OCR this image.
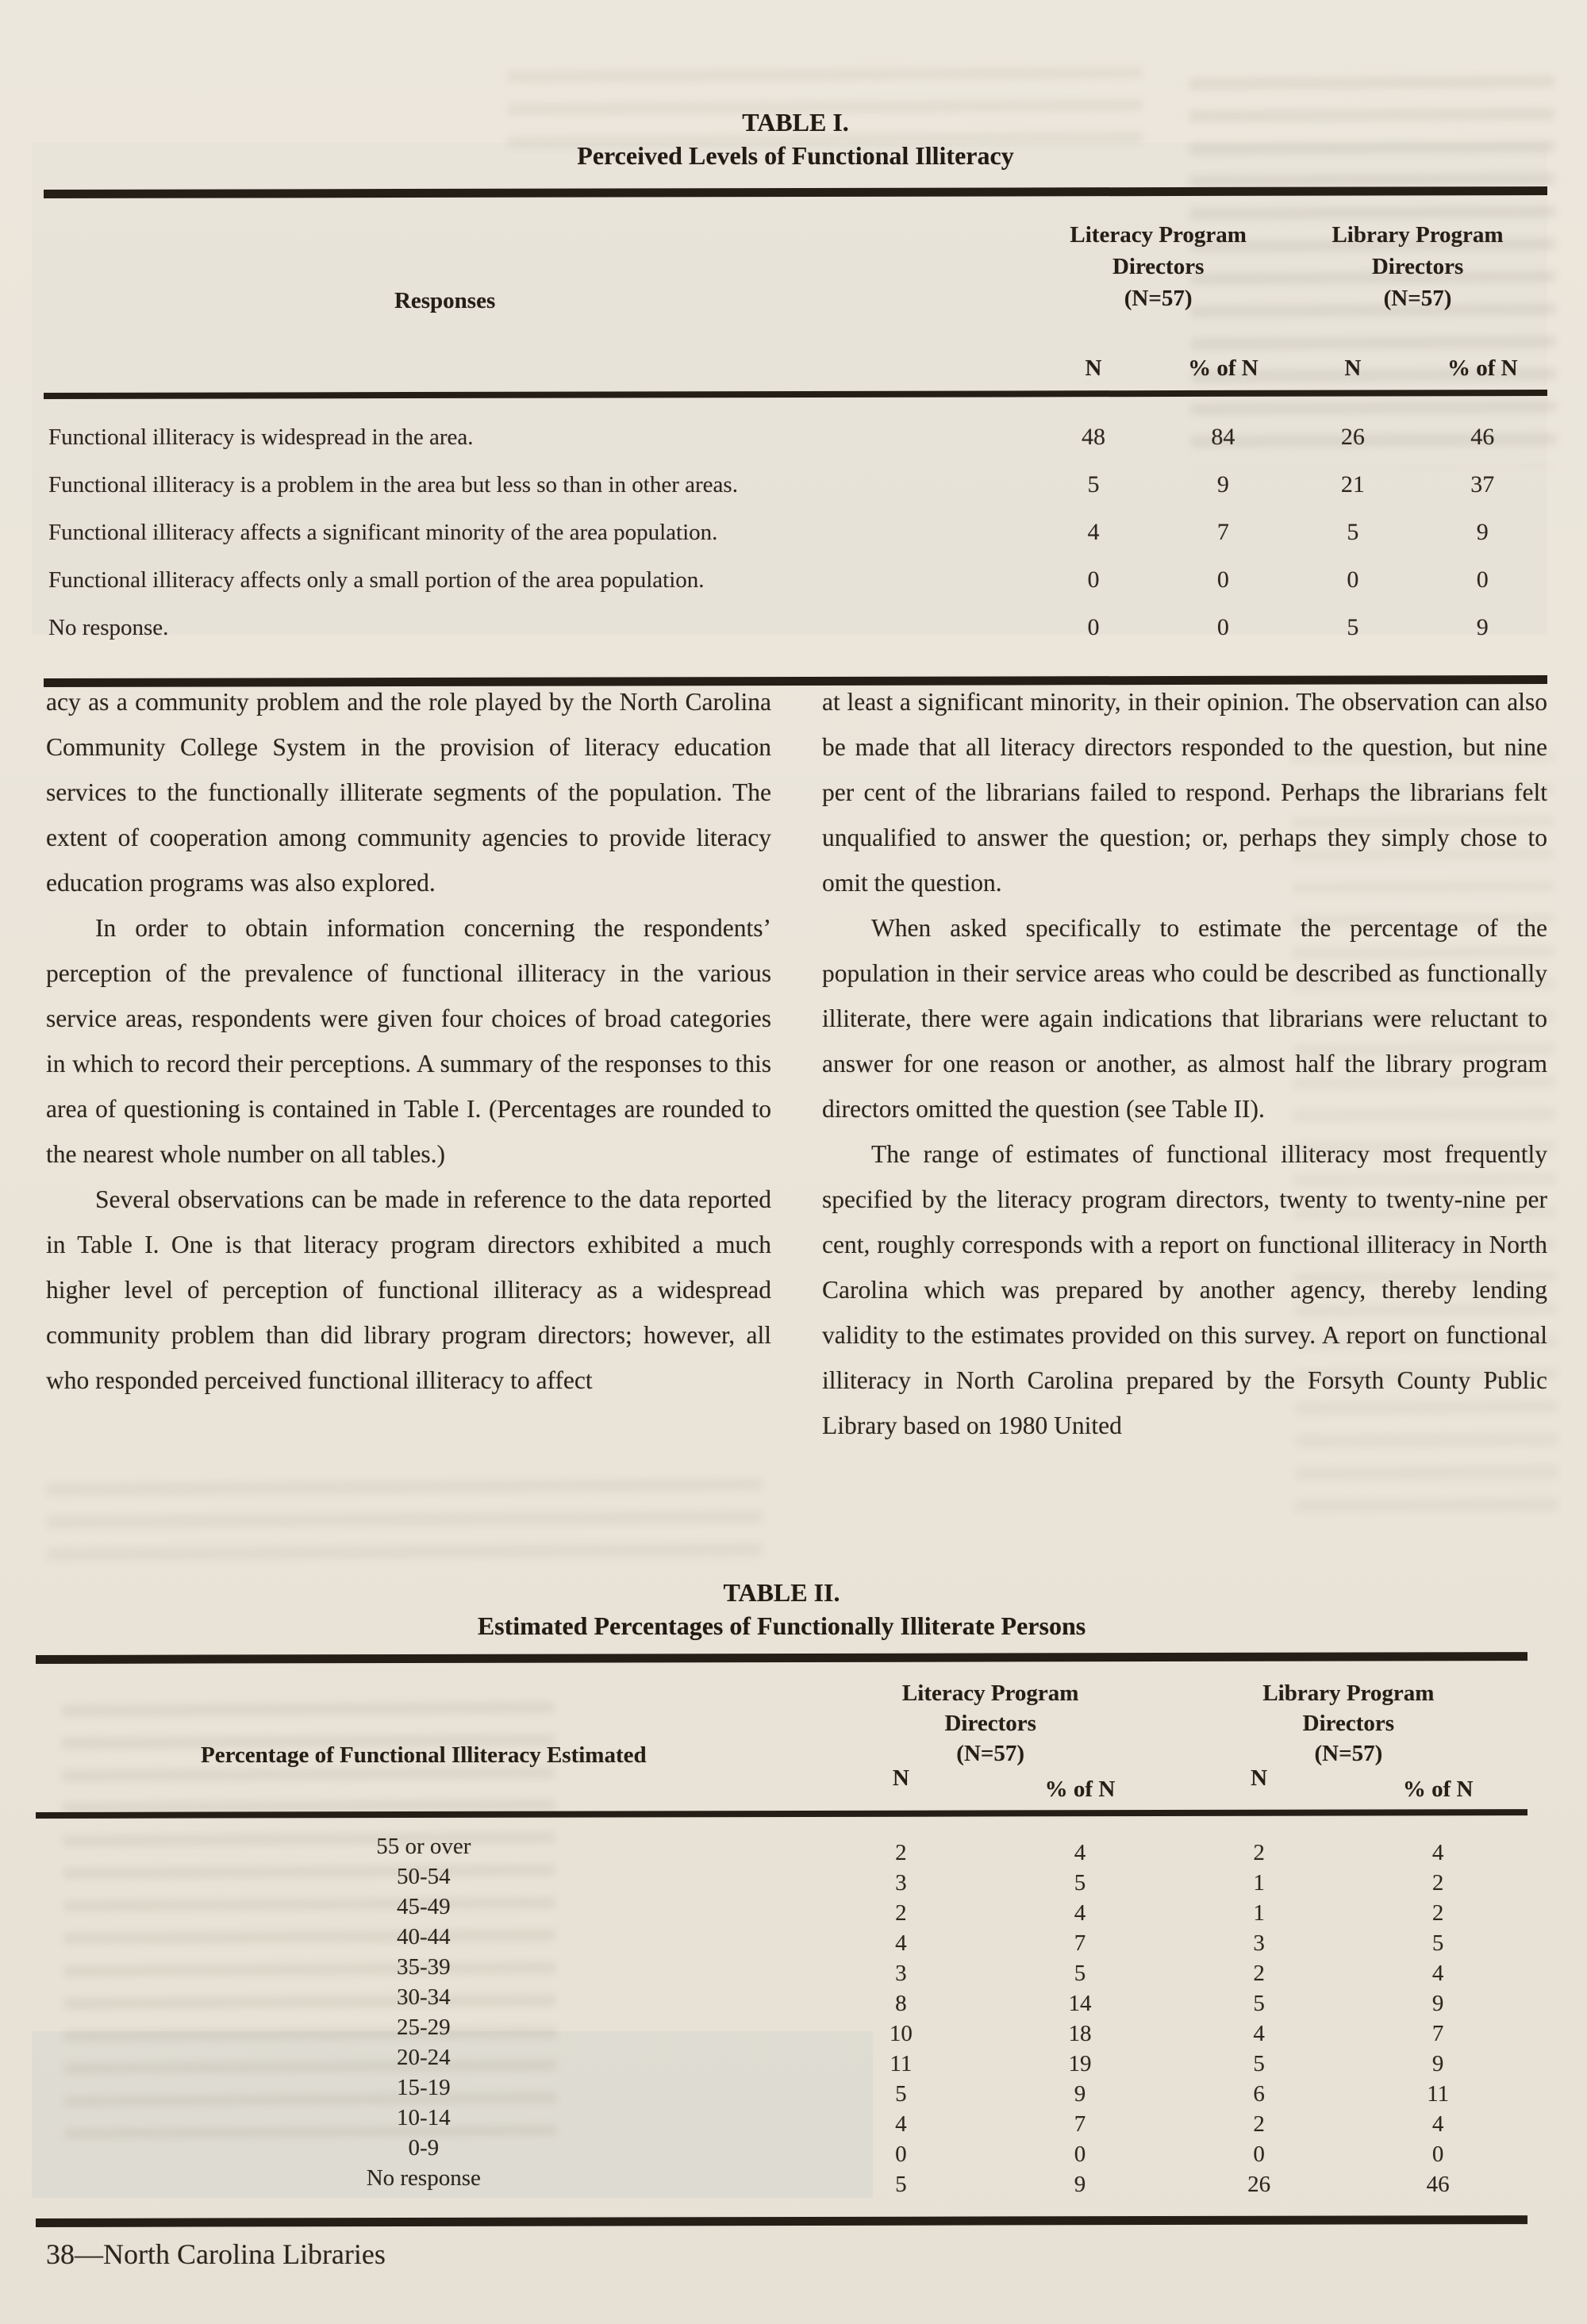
TABLE I.
Perceived Levels of Functional Illiteracy
Responses
Literacy Program
Directors
(N=57)
Library Program
Directors
(N=57)
N	% of N	N	% of N
Functional illiteracy is widespread in the area.	48	84	26	46
Functional illiteracy is a problem in the area but less so than in other areas.	5	9	21	37
Functional illiteracy affects a significant minority of the area population.	4	7	5	9
Functional illiteracy affects only a small portion of the area population.	0	0	0	0
No response.	0	0	5	9

acy as a community problem and the role played by the North Carolina Community College System in the provision of literacy education services to the functionally illiterate segments of the population. The extent of cooperation among community agencies to provide literacy education programs was also explored.

In order to obtain information concerning the respondents’ perception of the prevalence of functional illiteracy in the various service areas, respondents were given four choices of broad categories in which to record their perceptions. A summary of the responses to this area of questioning is contained in Table I. (Percentages are rounded to the nearest whole number on all tables.)

Several observations can be made in reference to the data reported in Table I. One is that literacy program directors exhibited a much higher level of perception of functional illiteracy as a widespread community problem than did library program directors; however, all who responded perceived functional illiteracy to affect

at least a significant minority, in their opinion. The observation can also be made that all literacy directors responded to the question, but nine per cent of the librarians failed to respond. Perhaps the librarians felt unqualified to answer the question; or, perhaps they simply chose to omit the question.

When asked specifically to estimate the percentage of the population in their service areas who could be described as functionally illiterate, there were again indications that librarians were reluctant to answer for one reason or another, as almost half the library program directors omitted the question (see Table II).

The range of estimates of functional illiteracy most frequently specified by the literacy program directors, twenty to twenty-nine per cent, roughly corresponds with a report on functional illiteracy in North Carolina which was prepared by another agency, thereby lending validity to the estimates provided on this survey. A report on functional illiteracy in North Carolina prepared by the Forsyth County Public Library based on 1980 United

TABLE II.
Estimated Percentages of Functionally Illiterate Persons
Percentage of Functional Illiteracy Estimated
Literacy Program
Directors
(N=57)
Library Program
Directors
(N=57)
N	% of N	N	% of N
55 or over	2	4	2	4
50-54	3	5	1	2
45-49	2	4	1	2
40-44	4	7	3	5
35-39	3	5	2	4
30-34	8	14	5	9
25-29	10	18	4	7
20-24	11	19	5	9
15-19	5	9	6	11
10-14	4	7	2	4
0-9	0	0	0	0
No response	5	9	26	46
38—North Carolina Libraries
